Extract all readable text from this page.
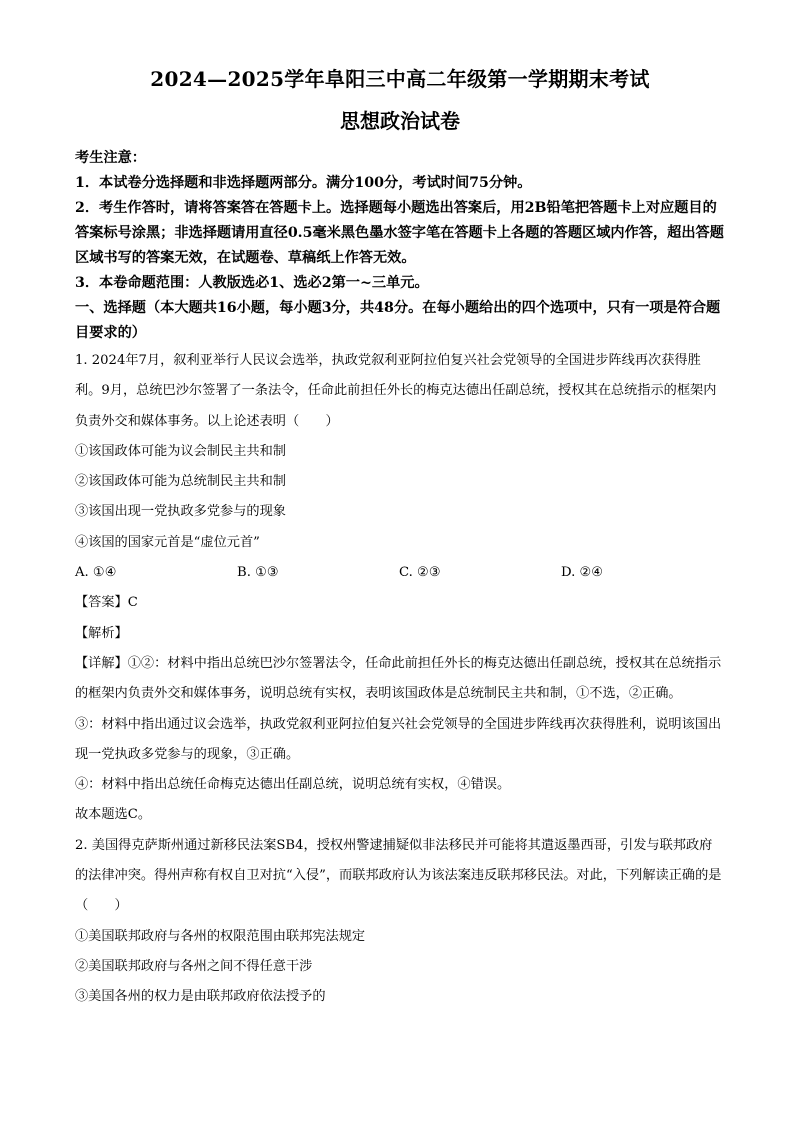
2024—2025学年阜阳三中高二年级第一学期期末考试
思想政治试卷

考生注意：

1．本试卷分选择题和非选择题两部分。满分100分，考试时间75分钟。

2．考生作答时，请将答案答在答题卡上。选择题每小题选出答案后，用2B铅笔把答题卡上对应题目的答案标号涂黑；非选择题请用直径0.5毫米黑色墨水签字笔在答题卡上各题的答题区域内作答，超出答题区域书写的答案无效，在试题卷、草稿纸上作答无效。

3．本卷命题范围：人教版选必1、选必2第一~三单元。

一、选择题（本大题共16小题，每小题3分，共48分。在每小题给出的四个选项中，只有一项是符合题目要求的）

1. 2024年7月，叙利亚举行人民议会选举，执政党叙利亚阿拉伯复兴社会党领导的全国进步阵线再次获得胜利。9月，总统巴沙尔签署了一条法令，任命此前担任外长的梅克达德出任副总统，授权其在总统指示的框架内负责外交和媒体事务。以上论述表明（　　）

①该国政体可能为议会制民主共和制

②该国政体可能为总统制民主共和制

③该国出现一党执政多党参与的现象

④该国的国家元首是“虚位元首”

A. ①④	B. ①③	C. ②③	D. ②④

【答案】C

【解析】

【详解】①②：材料中指出总统巴沙尔签署法令，任命此前担任外长的梅克达德出任副总统，授权其在总统指示的框架内负责外交和媒体事务，说明总统有实权，表明该国政体是总统制民主共和制，①不选，②正确。

③：材料中指出通过议会选举，执政党叙利亚阿拉伯复兴社会党领导的全国进步阵线再次获得胜利，说明该国出现一党执政多党参与的现象，③正确。

④：材料中指出总统任命梅克达德出任副总统，说明总统有实权，④错误。

故本题选C。

2. 美国得克萨斯州通过新移民法案SB4，授权州警逮捕疑似非法移民并可能将其遣返墨西哥，引发与联邦政府的法律冲突。得州声称有权自卫对抗“入侵”，而联邦政府认为该法案违反联邦移民法。对此，下列解读正确的是（　　）

①美国联邦政府与各州的权限范围由联邦宪法规定

②美国联邦政府与各州之间不得任意干涉

③美国各州的权力是由联邦政府依法授予的
